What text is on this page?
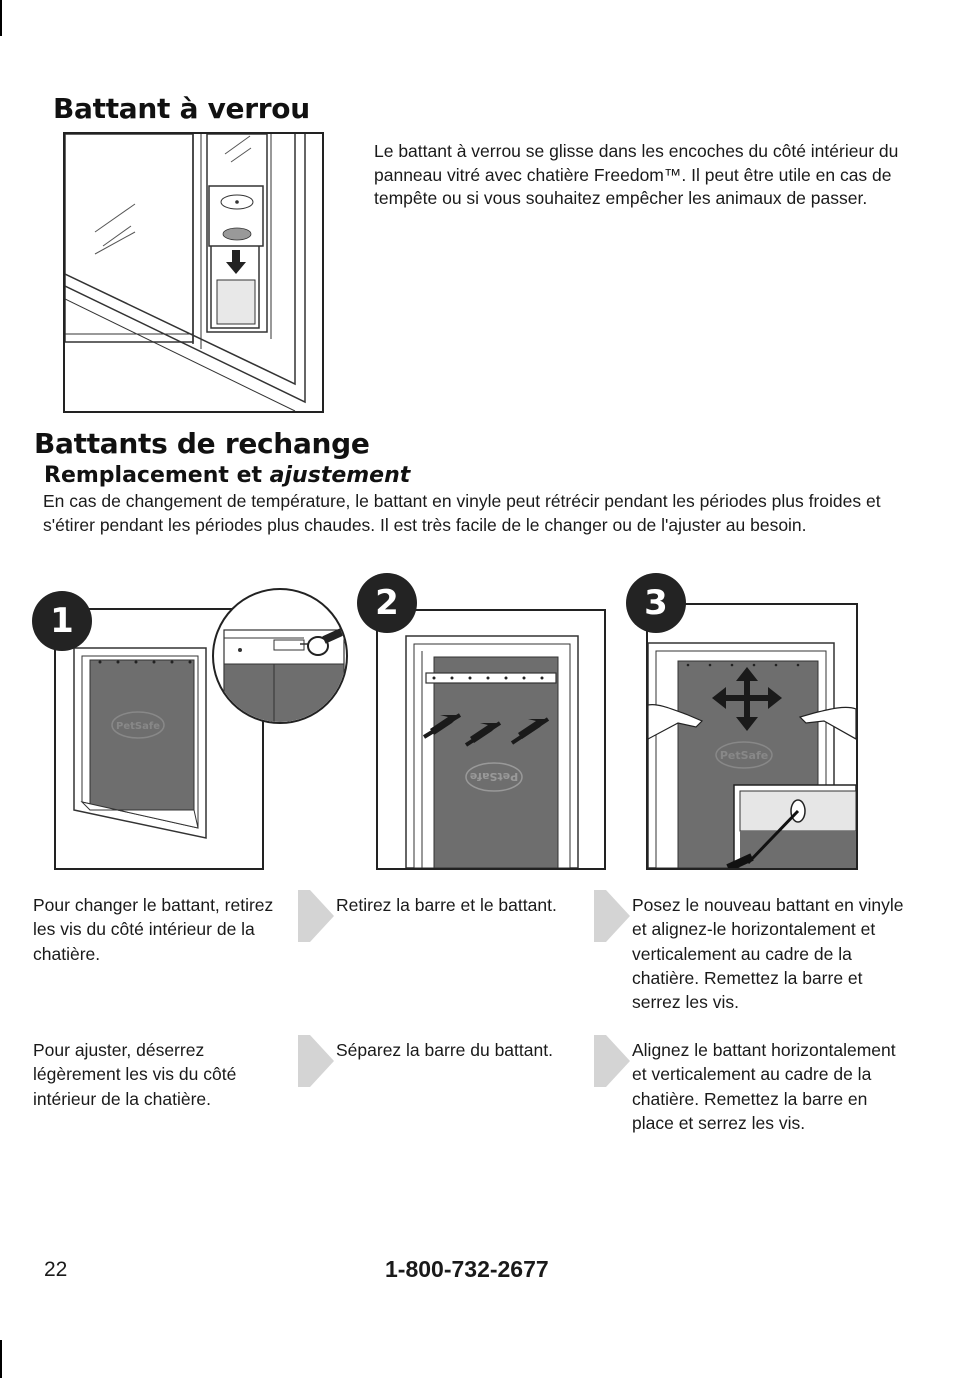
Battant à verrou

Le battant à verrou se glisse dans les encoches du côté intérieur du panneau vitré avec chatière Freedom™. Il peut être utile en cas de tempête ou si vous souhaitez empêcher les animaux de passer.

Battants de rechange
Remplacement et ajustement

En cas de changement de température, le battant en vinyle peut rétrécir pendant les périodes plus froides et s'étirer pendant les périodes plus chaudes. Il est très facile de le changer ou de l'ajuster au besoin.

PetSafe
1
PetSafe
2
PetSafe
3

Pour changer le battant, retirez les vis du côté intérieur de la chatière.

Retirez la barre et le battant.	Posez le nouveau battant en vinyle et alignez-le horizontalement et verticalement au cadre de la chatière. Remettez la barre et serrez les vis.

Pour ajuster, déserrez légèrement les vis du côté intérieur de la chatière.

Séparez la barre du battant.	Alignez le battant horizontalement et verticalement au cadre de la chatière. Remettez la barre en place et serrez les vis.

22	1-800-732-2677
